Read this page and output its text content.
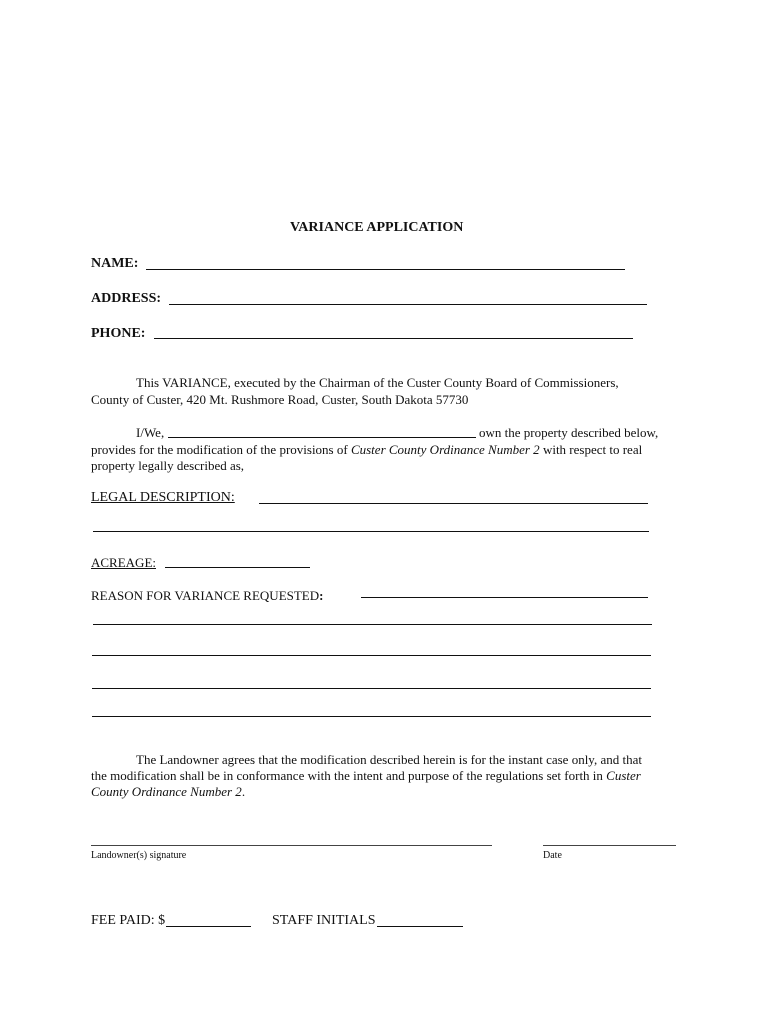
VARIANCE APPLICATION
NAME:
ADDRESS:
PHONE:
This VARIANCE, executed by the Chairman of the Custer County Board of Commissioners,
County of Custer, 420 Mt. Rushmore Road, Custer, South Dakota 57730
I/We,	own the property described below,
provides for the modification of the provisions of Custer County Ordinance Number 2 with respect to real
property legally described as,
LEGAL DESCRIPTION:
ACREAGE:
REASON FOR VARIANCE REQUESTED:
The Landowner agrees that the modification described herein is for the instant case only, and that
the modification shall be in conformance with the intent and purpose of the regulations set forth in Custer
County Ordinance Number 2.
Landowner(s) signature	Date
FEE PAID: $	STAFF INITIALS
